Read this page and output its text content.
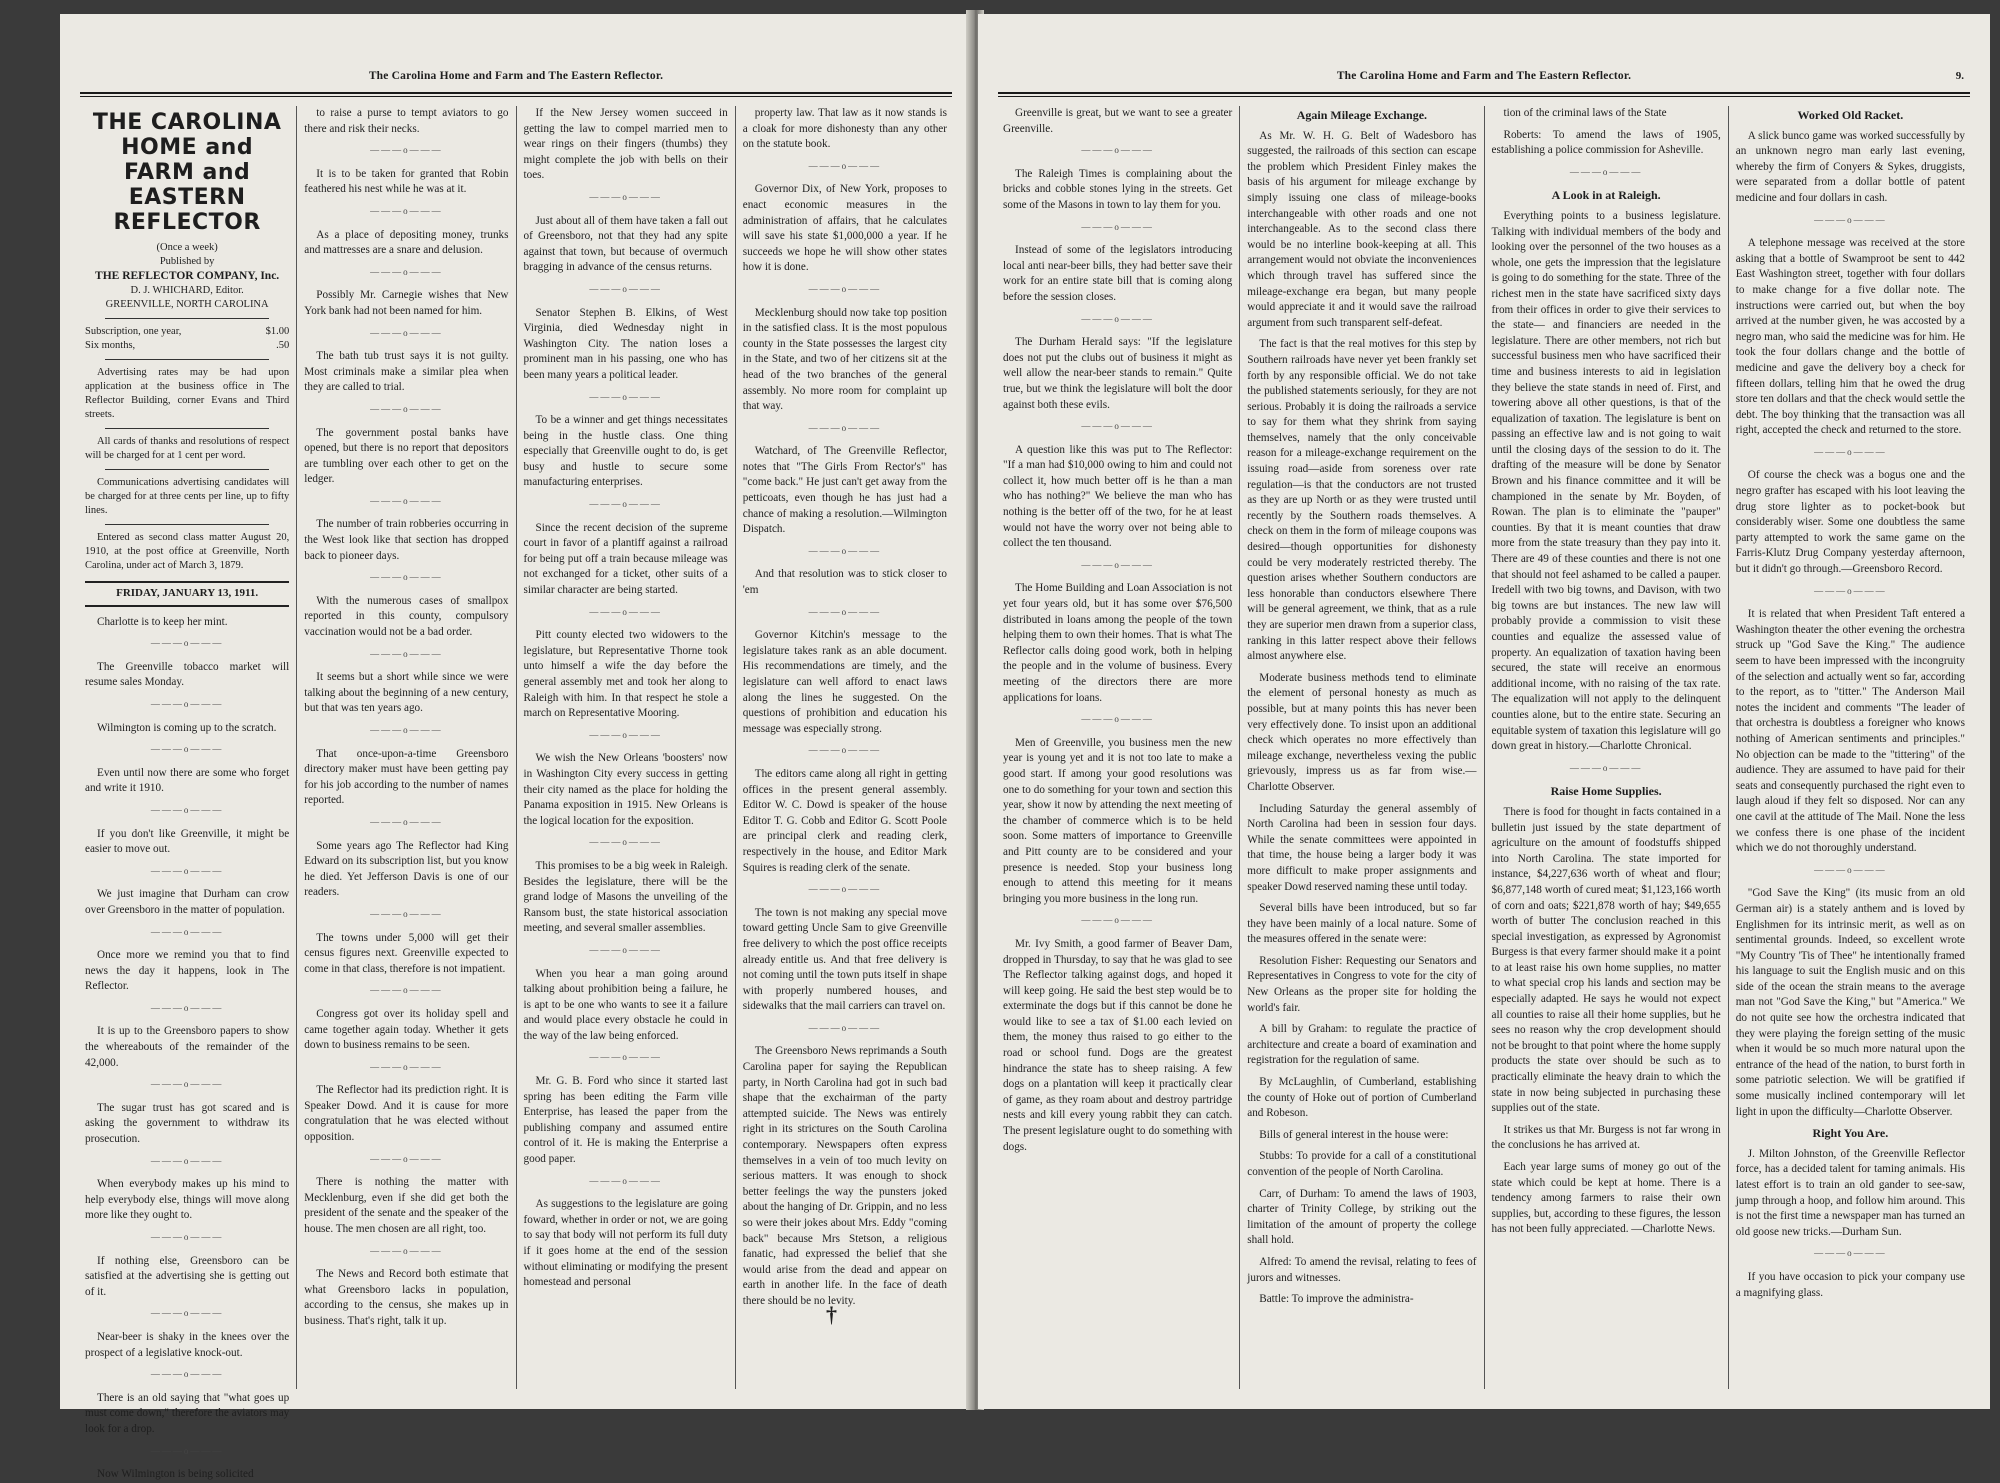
The Carolina Home and Farm and The Eastern Reflector.
THE CAROLINA HOME and FARM and EASTERN REFLECTOR
(Once a week)
Published by
THE REFLECTOR COMPANY, Inc.
D. J. WHICHARD, Editor.
GREENVILLE, NORTH CAROLINA
Subscription, one year,	$1.00
Six months,	.50

Advertising rates may be had upon application at the business office in The Reflector Building, corner Evans and Third streets.

All cards of thanks and resolutions of respect will be charged for at 1 cent per word.

Communications advertising candidates will be charged for at three cents per line, up to fifty lines.

Entered as second class matter August 20, 1910, at the post office at Greenville, North Carolina, under act of March 3, 1879.

FRIDAY, JANUARY 13, 1911.

Charlotte is to keep her mint.

———o———

The Greenville tobacco market will resume sales Monday.

———o———

Wilmington is coming up to the scratch.

———o———

Even until now there are some who forget and write it 1910.

———o———

If you don't like Greenville, it might be easier to move out.

———o———

We just imagine that Durham can crow over Greensboro in the matter of population.

———o———

Once more we remind you that to find news the day it happens, look in The Reflector.

———o———

It is up to the Greensboro papers to show the whereabouts of the remainder of the 42,000.

———o———

The sugar trust has got scared and is asking the government to withdraw its prosecution.

———o———

When everybody makes up his mind to help everybody else, things will move along more like they ought to.

———o———

If nothing else, Greensboro can be satisfied at the advertising she is getting out of it.

———o———

Near-beer is shaky in the knees over the prospect of a legislative knock-out.

———o———

There is an old saying that "what goes up must come down," therefore the aviators may look for a drop.

———o———

Now Wilmington is being solicited

to raise a purse to tempt aviators to go there and risk their necks.

———o———

It is to be taken for granted that Robin feathered his nest while he was at it.

———o———

As a place of depositing money, trunks and mattresses are a snare and delusion.

———o———

Possibly Mr. Carnegie wishes that New York bank had not been named for him.

———o———

The bath tub trust says it is not guilty. Most criminals make a similar plea when they are called to trial.

———o———

The government postal banks have opened, but there is no report that depositors are tumbling over each other to get on the ledger.

———o———

The number of train robberies occurring in the West look like that section has dropped back to pioneer days.

———o———

With the numerous cases of smallpox reported in this county, compulsory vaccination would not be a bad order.

———o———

It seems but a short while since we were talking about the beginning of a new century, but that was ten years ago.

———o———

That once-upon-a-time Greensboro directory maker must have been getting pay for his job according to the number of names reported.

———o———

Some years ago The Reflector had King Edward on its subscription list, but you know he died. Yet Jefferson Davis is one of our readers.

———o———

The towns under 5,000 will get their census figures next. Greenville expected to come in that class, therefore is not impatient.

———o———

Congress got over its holiday spell and came together again today. Whether it gets down to business remains to be seen.

———o———

The Reflector had its prediction right. It is Speaker Dowd. And it is cause for more congratulation that he was elected without opposition.

———o———

There is nothing the matter with Mecklenburg, even if she did get both the president of the senate and the speaker of the house. The men chosen are all right, too.

———o———

The News and Record both estimate that what Greensboro lacks in population, according to the census, she makes up in business. That's right, talk it up.

If the New Jersey women succeed in getting the law to compel married men to wear rings on their fingers (thumbs) they might complete the job with bells on their toes.

———o———

Just about all of them have taken a fall out of Greensboro, not that they had any spite against that town, but because of overmuch bragging in advance of the census returns.

———o———

Senator Stephen B. Elkins, of West Virginia, died Wednesday night in Washington City. The nation loses a prominent man in his passing, one who has been many years a political leader.

———o———

To be a winner and get things necessitates being in the hustle class. One thing especially that Greenville ought to do, is get busy and hustle to secure some manufacturing enterprises.

———o———

Since the recent decision of the supreme court in favor of a plantiff against a railroad for being put off a train because mileage was not exchanged for a ticket, other suits of a similar character are being started.

———o———

Pitt county elected two widowers to the legislature, but Representative Thorne took unto himself a wife the day before the general assembly met and took her along to Raleigh with him. In that respect he stole a march on Representative Mooring.

———o———

We wish the New Orleans 'boosters' now in Washington City every success in getting their city named as the place for holding the Panama exposition in 1915. New Orleans is the logical location for the exposition.

———o———

This promises to be a big week in Raleigh. Besides the legislature, there will be the grand lodge of Masons the unveiling of the Ransom bust, the state historical association meeting, and several smaller assemblies.

———o———

When you hear a man going around talking about prohibition being a failure, he is apt to be one who wants to see it a failure and would place every obstacle he could in the way of the law being enforced.

———o———

Mr. G. B. Ford who since it started last spring has been editing the Farm ville Enterprise, has leased the paper from the publishing company and assumed entire control of it. He is making the Enterprise a good paper.

———o———

As suggestions to the legislature are going foward, whether in order or not, we are going to say that body will not perform its full duty if it goes home at the end of the session without eliminating or modifying the present homestead and personal

property law. That law as it now stands is a cloak for more dishonesty than any other on the statute book.

———o———

Governor Dix, of New York, proposes to enact economic measures in the administration of affairs, that he calculates will save his state $1,000,000 a year. If he succeeds we hope he will show other states how it is done.

———o———

Mecklenburg should now take top position in the satisfied class. It is the most populous county in the State possesses the largest city in the State, and two of her citizens sit at the head of the two branches of the general assembly. No more room for complaint up that way.

———o———

Watchard, of The Greenville Reflector, notes that "The Girls From Rector's" has "come back." He just can't get away from the petticoats, even though he has just had a chance of making a resolution.—Wilmington Dispatch.

———o———

And that resolution was to stick closer to 'em

———o———

Governor Kitchin's message to the legislature takes rank as an able document. His recommendations are timely, and the legislature can well afford to enact laws along the lines he suggested. On the questions of prohibition and education his message was especially strong.

———o———

The editors came along all right in getting offices in the present general assembly. Editor W. C. Dowd is speaker of the house Editor T. G. Cobb and Editor G. Scott Poole are principal clerk and reading clerk, respectively in the house, and Editor Mark Squires is reading clerk of the senate.

———o———

The town is not making any special move toward getting Uncle Sam to give Greenville free delivery to which the post office receipts already entitle us. And that free delivery is not coming until the town puts itself in shape with properly numbered houses, and sidewalks that the mail carriers can travel on.

———o———

The Greensboro News reprimands a South Carolina paper for saying the Republican party, in North Carolina had got in such bad shape that the exchairman of the party attempted suicide. The News was entirely right in its strictures on the South Carolina contemporary. Newspapers often express themselves in a vein of too much levity on serious matters. It was enough to shock better feelings the way the punsters joked about the hanging of Dr. Grippin, and no less so were their jokes about Mrs. Eddy "coming back" because Mrs Stetson, a religious fanatic, had expressed the belief that she would arise from the dead and appear on earth in another life. In the face of death there should be no levity.

†
The Carolina Home and Farm and The Eastern Reflector.	9.

Greenville is great, but we want to see a greater Greenville.

———o———

The Raleigh Times is complaining about the bricks and cobble stones lying in the streets. Get some of the Masons in town to lay them for you.

———o———

Instead of some of the legislators introducing local anti near-beer bills, they had better save their work for an entire state bill that is coming along before the session closes.

———o———

The Durham Herald says: "If the legislature does not put the clubs out of business it might as well allow the near-beer stands to remain." Quite true, but we think the legislature will bolt the door against both these evils.

———o———

A question like this was put to The Reflector: "If a man had $10,000 owing to him and could not collect it, how much better off is he than a man who has nothing?" We believe the man who has nothing is the better off of the two, for he at least would not have the worry over not being able to collect the ten thousand.

———o———

The Home Building and Loan Association is not yet four years old, but it has some over $76,500 distributed in loans among the people of the town helping them to own their homes. That is what The Reflector calls doing good work, both in helping the people and in the volume of business. Every meeting of the directors there are more applications for loans.

———o———

Men of Greenville, you business men the new year is young yet and it is not too late to make a good start. If among your good resolutions was one to do something for your town and section this year, show it now by attending the next meeting of the chamber of commerce which is to be held soon. Some matters of importance to Greenville and Pitt county are to be considered and your presence is needed. Stop your business long enough to attend this meeting for it means bringing you more business in the long run.

———o———

Mr. Ivy Smith, a good farmer of Beaver Dam, dropped in Thursday, to say that he was glad to see The Reflector talking against dogs, and hoped it will keep going. He said the best step would be to exterminate the dogs but if this cannot be done he would like to see a tax of $1.00 each levied on them, the money thus raised to go either to the road or school fund. Dogs are the greatest hindrance the state has to sheep raising. A few dogs on a plantation will keep it practically clear of game, as they roam about and destroy partridge nests and kill every young rabbit they can catch. The present legislature ought to do something with dogs.

Again Mileage Exchange.

As Mr. W. H. G. Belt of Wadesboro has suggested, the railroads of this section can escape the problem which President Finley makes the basis of his argument for mileage exchange by simply issuing one class of mileage-books interchangeable with other roads and one not interchangeable. As to the second class there would be no interline book-keeping at all. This arrangement would not obviate the inconveniences which through travel has suffered since the mileage-exchange era began, but many people would appreciate it and it would save the railroad argument from such transparent self-defeat.

The fact is that the real motives for this step by Southern railroads have never yet been frankly set forth by any responsible official. We do not take the published statements seriously, for they are not serious. Probably it is doing the railroads a service to say for them what they shrink from saying themselves, namely that the only conceivable reason for a mileage-exchange requirement on the issuing road—aside from soreness over rate regulation—is that the conductors are not trusted as they are up North or as they were trusted until recently by the Southern roads themselves. A check on them in the form of mileage coupons was desired—though opportunities for dishonesty could be very moderately restricted thereby. The question arises whether Southern conductors are less honorable than conductors elsewhere There will be general agreement, we think, that as a rule they are superior men drawn from a superior class, ranking in this latter respect above their fellows almost anywhere else.

Moderate business methods tend to eliminate the element of personal honesty as much as possible, but at many points this has never been very effectively done. To insist upon an additional check which operates no more effectively than mileage exchange, nevertheless vexing the public grievously, impress us as far from wise.—Charlotte Observer.

Including Saturday the general assembly of North Carolina had been in session four days. While the senate committees were appointed in that time, the house being a larger body it was more difficult to make proper assignments and speaker Dowd reserved naming these until today.

Several bills have been introduced, but so far they have been mainly of a local nature. Some of the measures offered in the senate were:

Resolution Fisher: Requesting our Senators and Representatives in Congress to vote for the city of New Orleans as the proper site for holding the world's fair.

A bill by Graham: to regulate the practice of architecture and create a board of examination and registration for the regulation of same.

By McLaughlin, of Cumberland, establishing the county of Hoke out of portion of Cumberland and Robeson.

Bills of general interest in the house were:

Stubbs: To provide for a call of a constitutional convention of the people of North Carolina.

Carr, of Durham: To amend the laws of 1903, charter of Trinity College, by striking out the limitation of the amount of property the college shall hold.

Alfred: To amend the revisal, relating to fees of jurors and witnesses.

Battle: To improve the administra-

tion of the criminal laws of the State

Roberts: To amend the laws of 1905, establishing a police commission for Asheville.

———o———
A Look in at Raleigh.

Everything points to a business legislature. Talking with individual members of the body and looking over the personnel of the two houses as a whole, one gets the impression that the legislature is going to do something for the state. Three of the richest men in the state have sacrificed sixty days from their offices in order to give their services to the state— and financiers are needed in the legislature. There are other members, not rich but successful business men who have sacrificed their time and business interests to aid in legislation they believe the state stands in need of. First, and towering above all other questions, is that of the equalization of taxation. The legislature is bent on passing an effective law and is not going to wait until the closing days of the session to do it. The drafting of the measure will be done by Senator Brown and his finance committee and it will be championed in the senate by Mr. Boyden, of Rowan. The plan is to eliminate the "pauper" counties. By that it is meant counties that draw more from the state treasury than they pay into it. There are 49 of these counties and there is not one that should not feel ashamed to be called a pauper. Iredell with two big towns, and Davison, with two big towns are but instances. The new law will probably provide a commission to visit these counties and equalize the assessed value of property. An equalization of taxation having been secured, the state will receive an enormous additional income, with no raising of the tax rate. The equalization will not apply to the delinquent counties alone, but to the entire state. Securing an equitable system of taxation this legislature will go down great in history.—Charlotte Chronical.

———o———
Raise Home Supplies.

There is food for thought in facts contained in a bulletin just issued by the state department of agriculture on the amount of foodstuffs shipped into North Carolina. The state imported for instance, $4,227,636 worth of wheat and flour; $6,877,148 worth of cured meat; $1,123,166 worth of corn and oats; $221,878 worth of hay; $49,655 worth of butter The conclusion reached in this special investigation, as expressed by Agronomist Burgess is that every farmer should make it a point to at least raise his own home supplies, no matter to what special crop his lands and section may be especially adapted. He says he would not expect all counties to raise all their home supplies, but he sees no reason why the crop development should not be brought to that point where the home supply products the state over should be such as to practically eliminate the heavy drain to which the state in now being subjected in purchasing these supplies out of the state.

It strikes us that Mr. Burgess is not far wrong in the conclusions he has arrived at.

Each year large sums of money go out of the state which could be kept at home. There is a tendency among farmers to raise their own supplies, but, according to these figures, the lesson has not been fully appreciated. —Charlotte News.

Worked Old Racket.

A slick bunco game was worked successfully by an unknown negro man early last evening, whereby the firm of Conyers & Sykes, druggists, were separated from a dollar bottle of patent medicine and four dollars in cash.

———o———

A telephone message was received at the store asking that a bottle of Swamproot be sent to 442 East Washington street, together with four dollars to make change for a five dollar note. The instructions were carried out, but when the boy arrived at the number given, he was accosted by a negro man, who said the medicine was for him. He took the four dollars change and the bottle of medicine and gave the delivery boy a check for fifteen dollars, telling him that he owed the drug store ten dollars and that the check would settle the debt. The boy thinking that the transaction was all right, accepted the check and returned to the store.

———o———

Of course the check was a bogus one and the negro grafter has escaped with his loot leaving the drug store lighter as to pocket-book but considerably wiser. Some one doubtless the same party attempted to work the same game on the Farris-Klutz Drug Company yesterday afternoon, but it didn't go through.—Greensboro Record.

———o———

It is related that when President Taft entered a Washington theater the other evening the orchestra struck up "God Save the King." The audience seem to have been impressed with the incongruity of the selection and actually went so far, according to the report, as to "titter." The Anderson Mail notes the incident and comments "The leader of that orchestra is doubtless a foreigner who knows nothing of American sentiments and principles." No objection can be made to the "tittering" of the audience. They are assumed to have paid for their seats and consequently purchased the right even to laugh aloud if they felt so disposed. Nor can any one cavil at the attitude of The Mail. None the less we confess there is one phase of the incident which we do not thoroughly understand.

———o———

"God Save the King" (its music from an old German air) is a stately anthem and is loved by Englishmen for its intrinsic merit, as well as on sentimental grounds. Indeed, so excellent wrote "My Country 'Tis of Thee" he intentionally framed his language to suit the English music and on this side of the ocean the strain means to the average man not "God Save the King," but "America." We do not quite see how the orchestra indicated that they were playing the foreign setting of the music when it would be so much more natural upon the entrance of the head of the nation, to burst forth in some patriotic selection. We will be gratified if some musically inclined contemporary will let light in upon the difficulty—Charlotte Observer.

Right You Are.

J. Milton Johnston, of the Greenville Reflector force, has a decided talent for taming animals. His latest effort is to train an old gander to see-saw, jump through a hoop, and follow him around. This is not the first time a newspaper man has turned an old goose new tricks.—Durham Sun.

———o———

If you have occasion to pick your company use a magnifying glass.
